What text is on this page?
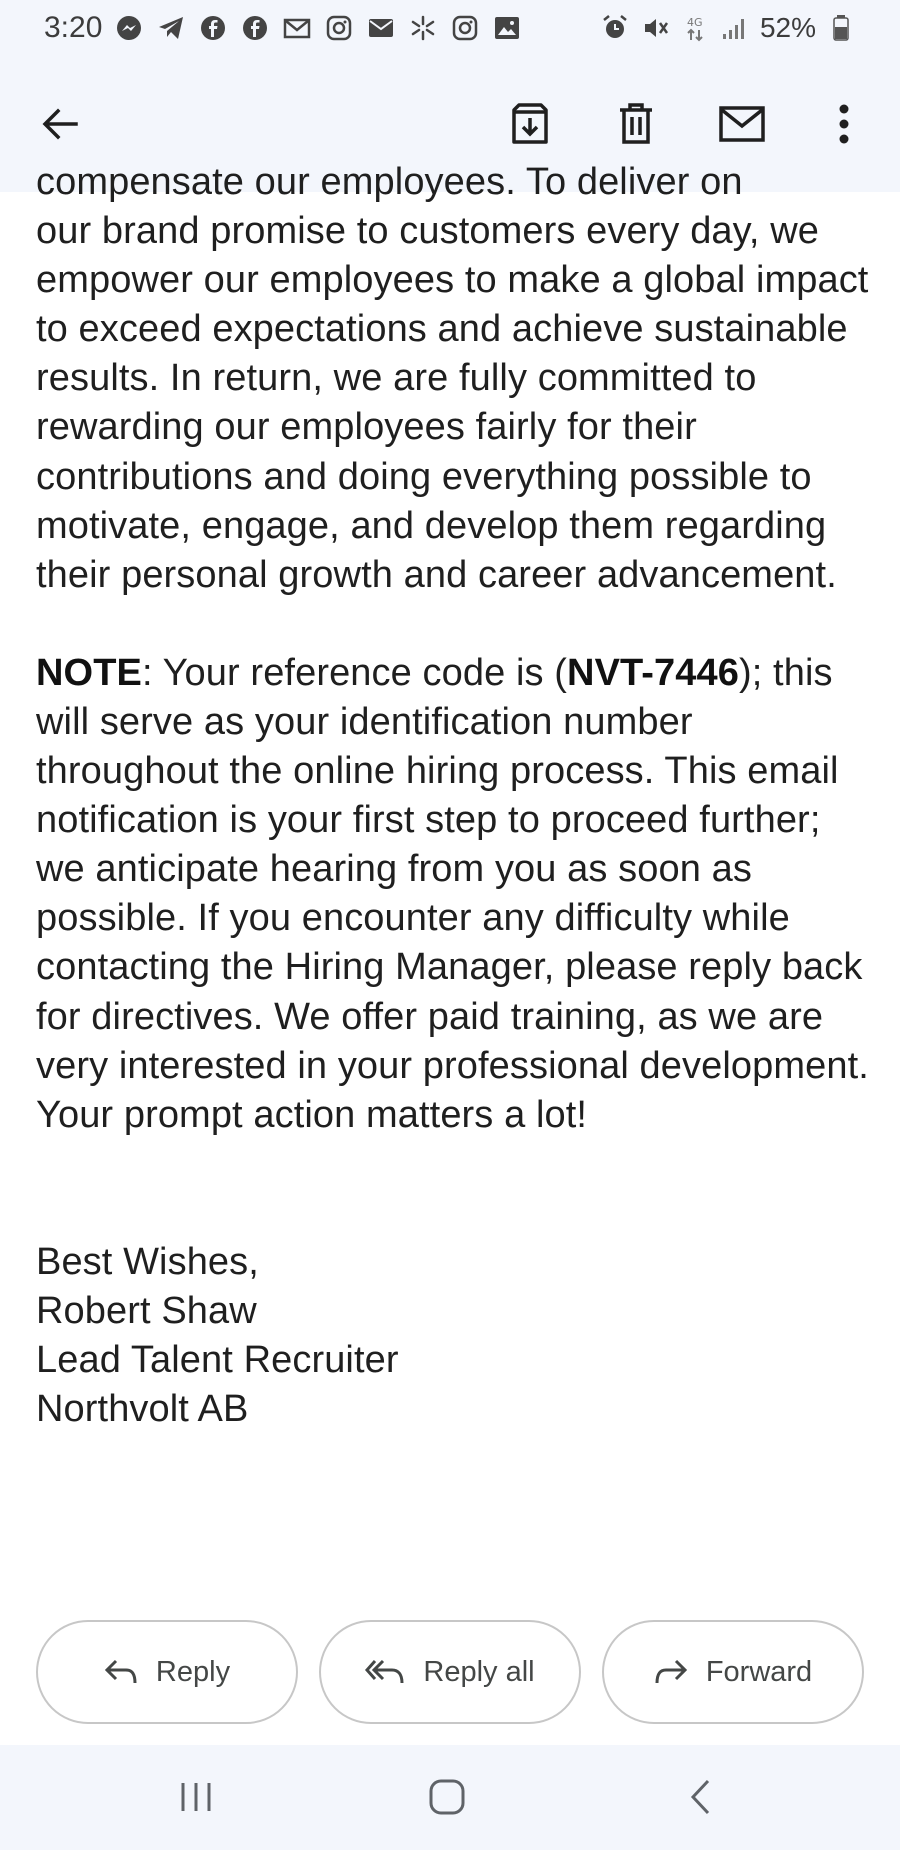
3:20	4G 52%

compensate our employees. To deliver on

our brand promise to customers every day, we empower our employees to make a global impact to exceed expectations and achieve sustainable results. In return, we are fully committed to rewarding our employees fairly for their contributions and doing everything possible to motivate, engage, and develop them regarding their personal growth and career advancement.

NOTE: Your reference code is (NVT-7446); this will serve as your identification number throughout the online hiring process. This email notification is your first step to proceed further; we anticipate hearing from you as soon as possible. If you encounter any difficulty while contacting the Hiring Manager, please reply back for directives. We offer paid training, as we are very interested in your professional development. Your prompt action matters a lot!

Best Wishes,
Robert Shaw
Lead Talent Recruiter
Northvolt AB
Reply	Reply all	Forward
